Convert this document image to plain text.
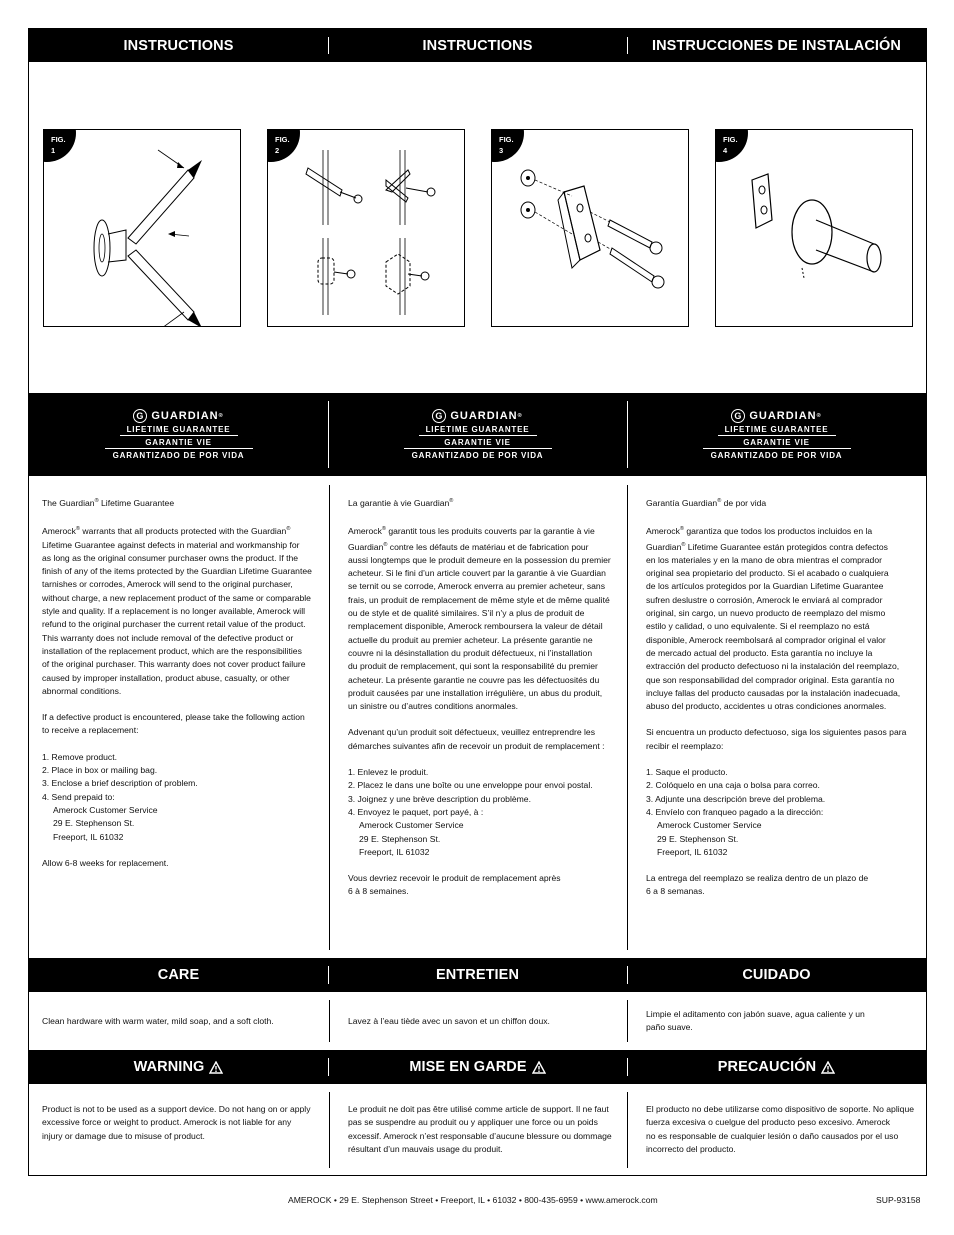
INSTRUCTIONS	INSTRUCTIONS	INSTRUCCIONES DE INSTALACIÓN
FIG.
1
FIG.
2
FIG.
3
FIG.
4
G GUARDIAN ®
LIFETIME GUARANTEE
GARANTIE VIE
GARANTIZADO DE POR VIDA
G GUARDIAN ®
LIFETIME GUARANTEE
GARANTIE VIE
GARANTIZADO DE POR VIDA
G GUARDIAN ®
LIFETIME GUARANTEE
GARANTIE VIE
GARANTIZADO DE POR VIDA

The Guardian® Lifetime Guarantee

Amerock® warrants that all products protected with the Guardian®

Lifetime Guarantee against defects in material and workmanship for

as long as the original consumer purchaser owns the product. If the

finish of any of the items protected by the Guardian Lifetime Guarantee

tarnishes or corrodes, Amerock will send to the original purchaser,

without charge, a new replacement product of the same or comparable

style and quality. If a replacement is no longer available, Amerock will

refund to the original purchaser the current retail value of the product.

This warranty does not include removal of the defective product or

installation of the replacement product, which are the responsibilities

of the original purchaser. This warranty does not cover product failure

caused by improper installation, product abuse, casualty, or other

abnormal conditions.

If a defective product is encountered, please take the following action

to receive a replacement:

1. Remove product.
2. Place in box or mailing bag.
3. Enclose a brief description of problem.
4. Send prepaid to:
Amerock Customer Service
29 E. Stephenson St.
Freeport, IL 61032

Allow 6-8 weeks for replacement.

La garantie à vie Guardian®

Amerock® garantit tous les produits couverts par la garantie à vie

Guardian® contre les défauts de matériau et de fabrication pour

aussi longtemps que le produit demeure en la possession du premier

acheteur. Si le fini d’un article couvert par la garantie à vie Guardian

se ternit ou se corrode, Amerock enverra au premier acheteur, sans

frais, un produit de remplacement de même style et de même qualité

ou de style et de qualité similaires. S’il n’y a plus de produit de

remplacement disponible, Amerock remboursera la valeur de détail

actuelle du produit au premier acheteur. La présente garantie ne

couvre ni la désinstallation du produit défectueux, ni l’installation

du produit de remplacement, qui sont la responsabilité du premier

acheteur. La présente garantie ne couvre pas les défectuosités du

produit causées par une installation irrégulière, un abus du produit,

un sinistre ou d’autres conditions anormales.

Advenant qu’un produit soit défectueux, veuillez entreprendre les

démarches suivantes afin de recevoir un produit de remplacement :

1. Enlevez le produit.
2. Placez le dans une boîte ou une enveloppe pour envoi postal.
3. Joignez y une brève description du problème.
4. Envoyez le paquet, port payé, à :
Amerock Customer Service
29 E. Stephenson St.
Freeport, IL 61032

Vous devriez recevoir le produit de remplacement après

6 à 8 semaines.

Garantía Guardian® de por vida

Amerock® garantiza que todos los productos incluidos en la

Guardian® Lifetime Guarantee están protegidos contra defectos

en los materiales y en la mano de obra mientras el comprador

original sea propietario del producto. Si el acabado o cualquiera

de los artículos protegidos por la Guardian Lifetime Guarantee

sufren deslustre o corrosión, Amerock le enviará al comprador

original, sin cargo, un nuevo producto de reemplazo del mismo

estilo y calidad, o uno equivalente. Si el reemplazo no está

disponible, Amerock reembolsará al comprador original el valor

de mercado actual del producto. Esta garantía no incluye la

extracción del producto defectuoso ni la instalación del reemplazo,

que son responsabilidad del comprador original. Esta garantía no

incluye fallas del producto causadas por la instalación inadecuada,

abuso del producto, accidentes u otras condiciones anormales.

Si encuentra un producto defectuoso, siga los siguientes pasos para

recibir el reemplazo:

1. Saque el producto.
2. Colóquelo en una caja o bolsa para correo.
3. Adjunte una descripción breve del problema.
4. Envíelo con franqueo pagado a la dirección:
Amerock Customer Service
29 E. Stephenson St.
Freeport, IL 61032

La entrega del reemplazo se realiza dentro de un plazo de

6 a 8 semanas.

CARE	ENTRETIEN	CUIDADO

Clean hardware with warm water, mild soap, and a soft cloth.	Lavez à l’eau tiède avec un savon et un chiffon doux.

Limpie el aditamento con jabón suave, agua caliente y un

paño suave.

WARNING	MISE EN GARDE	PRECAUCIÓN

Product is not to be used as a support device. Do not hang on or apply

excessive force or weight to product. Amerock is not liable for any

injury or damage due to misuse of product.

Le produit ne doit pas être utilisé comme article de support. Il ne faut

pas se suspendre au produit ou y appliquer une force ou un poids

excessif. Amerock n’est responsable d’aucune blessure ou dommage

résultant d’un mauvais usage du produit.

El producto no debe utilizarse como dispositivo de soporte. No aplique

fuerza excesiva o cuelgue del producto peso excesivo. Amerock

no es responsable de cualquier lesión o daño causados por el uso

incorrecto del producto.

AMEROCK • 29 E. Stephenson Street • Freeport, IL • 61032 • 800-435-6959 • www.amerock.com	SUP-93158
